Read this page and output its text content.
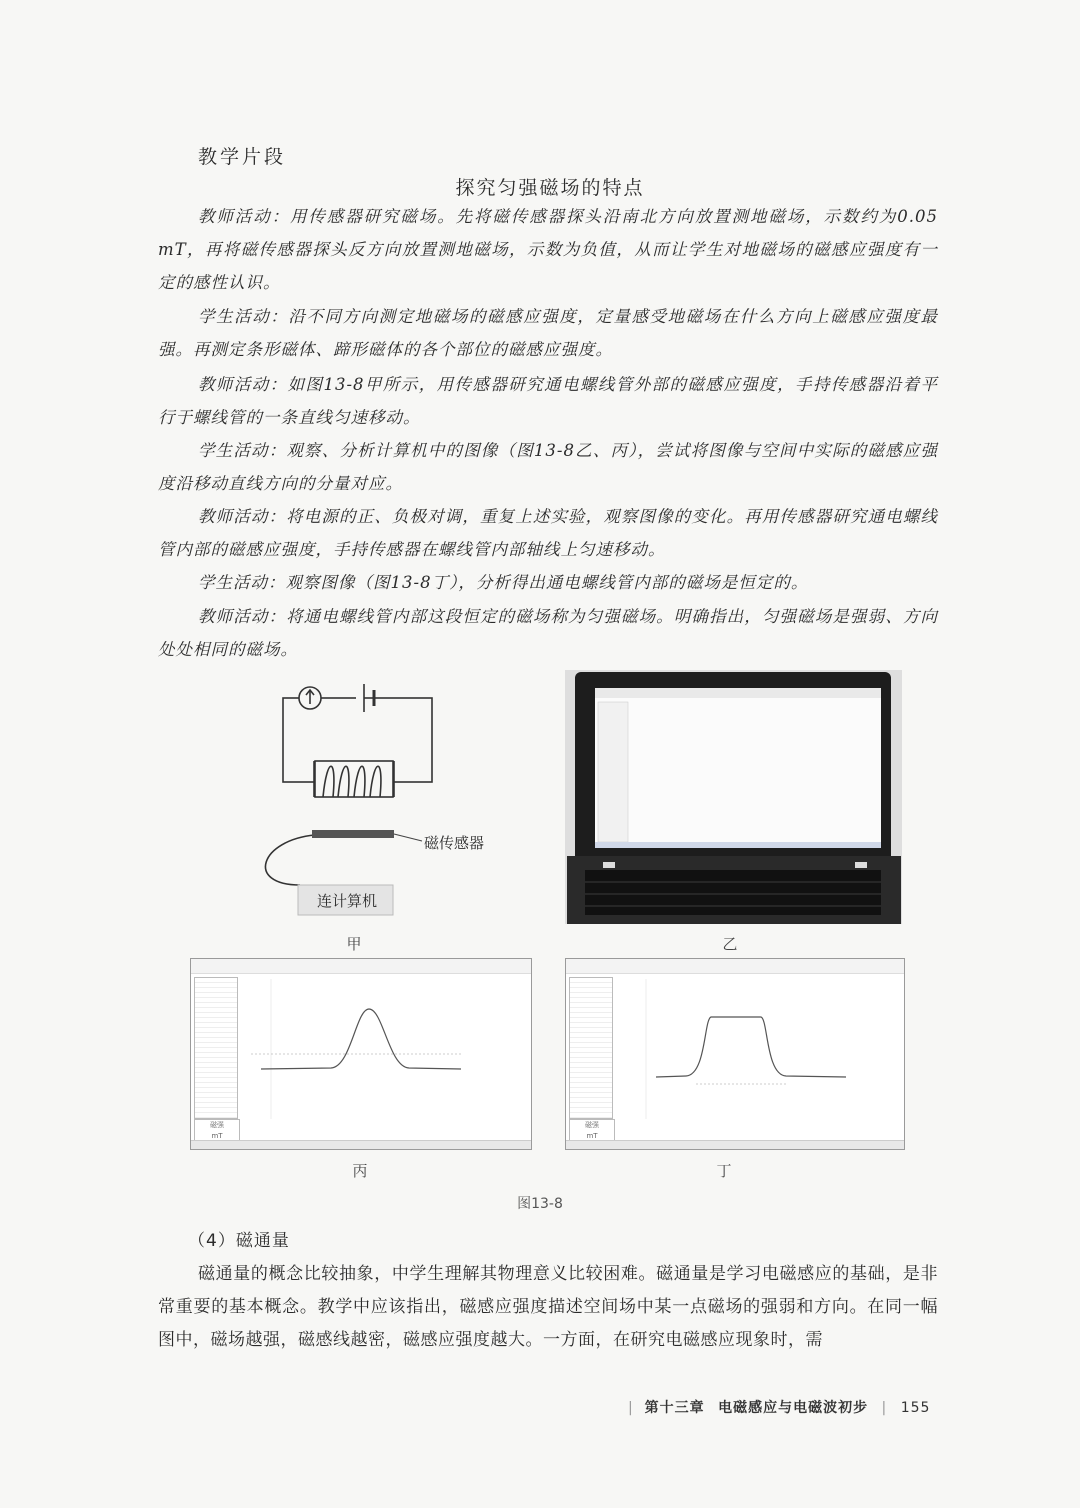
教学片段
探究匀强磁场的特点
教师活动：用传感器研究磁场。先将磁传感器探头沿南北方向放置测地磁场，示数约为0.05 mT，再将磁传感器探头反方向放置测地磁场，示数为负值，从而让学生对地磁场的磁感应强度有一定的感性认识。
学生活动：沿不同方向测定地磁场的磁感应强度，定量感受地磁场在什么方向上磁感应强度最强。再测定条形磁体、蹄形磁体的各个部位的磁感应强度。
教师活动：如图13-8甲所示，用传感器研究通电螺线管外部的磁感应强度，手持传感器沿着平行于螺线管的一条直线匀速移动。
学生活动：观察、分析计算机中的图像（图13-8乙、丙），尝试将图像与空间中实际的磁感应强度沿移动直线方向的分量对应。
教师活动：将电源的正、负极对调，重复上述实验，观察图像的变化。再用传感器研究通电螺线管内部的磁感应强度，手持传感器在螺线管内部轴线上匀速移动。
学生活动：观察图像（图13-8丁），分析得出通电螺线管内部的磁场是恒定的。
教师活动：将通电螺线管内部这段恒定的磁场称为匀强磁场。明确指出，匀强磁场是强弱、方向处处相同的磁场。
磁传感器
连计算机
甲	乙
磁强
mT
丙
磁强
mT
丁
图13-8
（4）磁通量
磁通量的概念比较抽象，中学生理解其物理意义比较困难。磁通量是学习电磁感应的基础，是非常重要的基本概念。教学中应该指出，磁感应强度描述空间场中某一点磁场的强弱和方向。在同一幅图中，磁场越强，磁感线越密，磁感应强度越大。一方面，在研究电磁感应现象时，需
|  第十三章 电磁感应与电磁波初步 | 155
